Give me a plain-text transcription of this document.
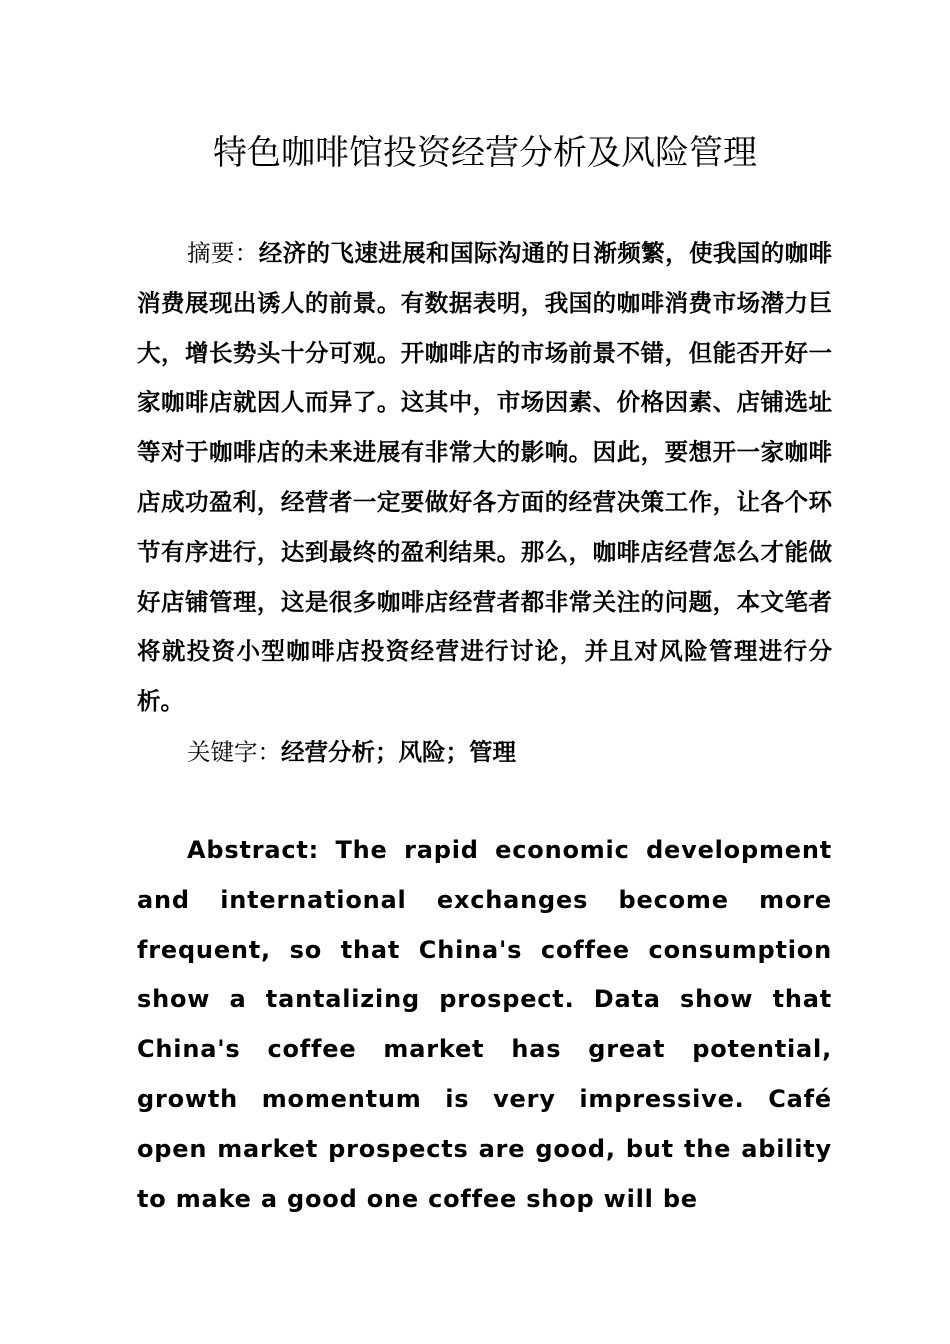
特色咖啡馆投资经营分析及风险管理

摘要：经济的飞速进展和国际沟通的日渐频繁，使我国的咖啡消费展现出诱人的前景。有数据表明，我国的咖啡消费市场潜力巨大，增长势头十分可观。开咖啡店的市场前景不错，但能否开好一家咖啡店就因人而异了。这其中，市场因素、价格因素、店铺选址等对于咖啡店的未来进展有非常大的影响。因此，要想开一家咖啡店成功盈利，经营者一定要做好各方面的经营决策工作，让各个环节有序进行，达到最终的盈利结果。那么，咖啡店经营怎么才能做好店铺管理，这是很多咖啡店经营者都非常关注的问题，本文笔者将就投资小型咖啡店投资经营进行讨论，并且对风险管理进行分析。

关键字：经营分析；风险；管理

Abstract: The rapid economic development and international exchanges become more frequent, so that China's coffee consumption show a tantalizing prospect. Data show that China's coffee market has great potential, growth momentum is very impressive. Café open market prospects are good, but the ability to make a good one coffee shop will be
